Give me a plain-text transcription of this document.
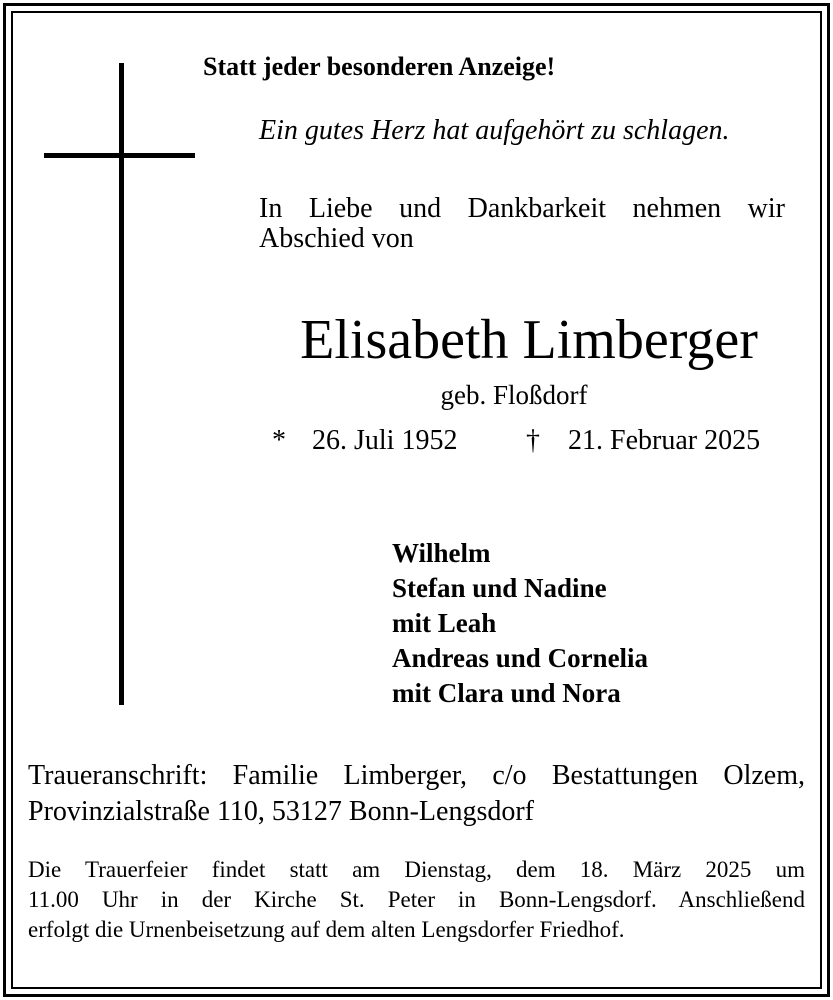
Statt jeder besonderen Anzeige!
Ein gutes Herz hat aufgehört zu schlagen.
In Liebe und Dankbarkeit nehmen wir
Abschied von
Elisabeth Limberger
geb. Floßdorf
* 26. Juli 1952 † 21. Februar 2025
Wilhelm
Stefan und Nadine
mit Leah
Andreas und Cornelia
mit Clara und Nora
Traueranschrift: Familie Limberger, c/o Bestattungen Olzem,
Provinzialstraße 110, 53127 Bonn-Lengsdorf
Die Trauerfeier findet statt am Dienstag, dem 18. März 2025 um
11.00 Uhr in der Kirche St. Peter in Bonn-Lengsdorf. Anschließend
erfolgt die Urnenbeisetzung auf dem alten Lengsdorfer Friedhof.
